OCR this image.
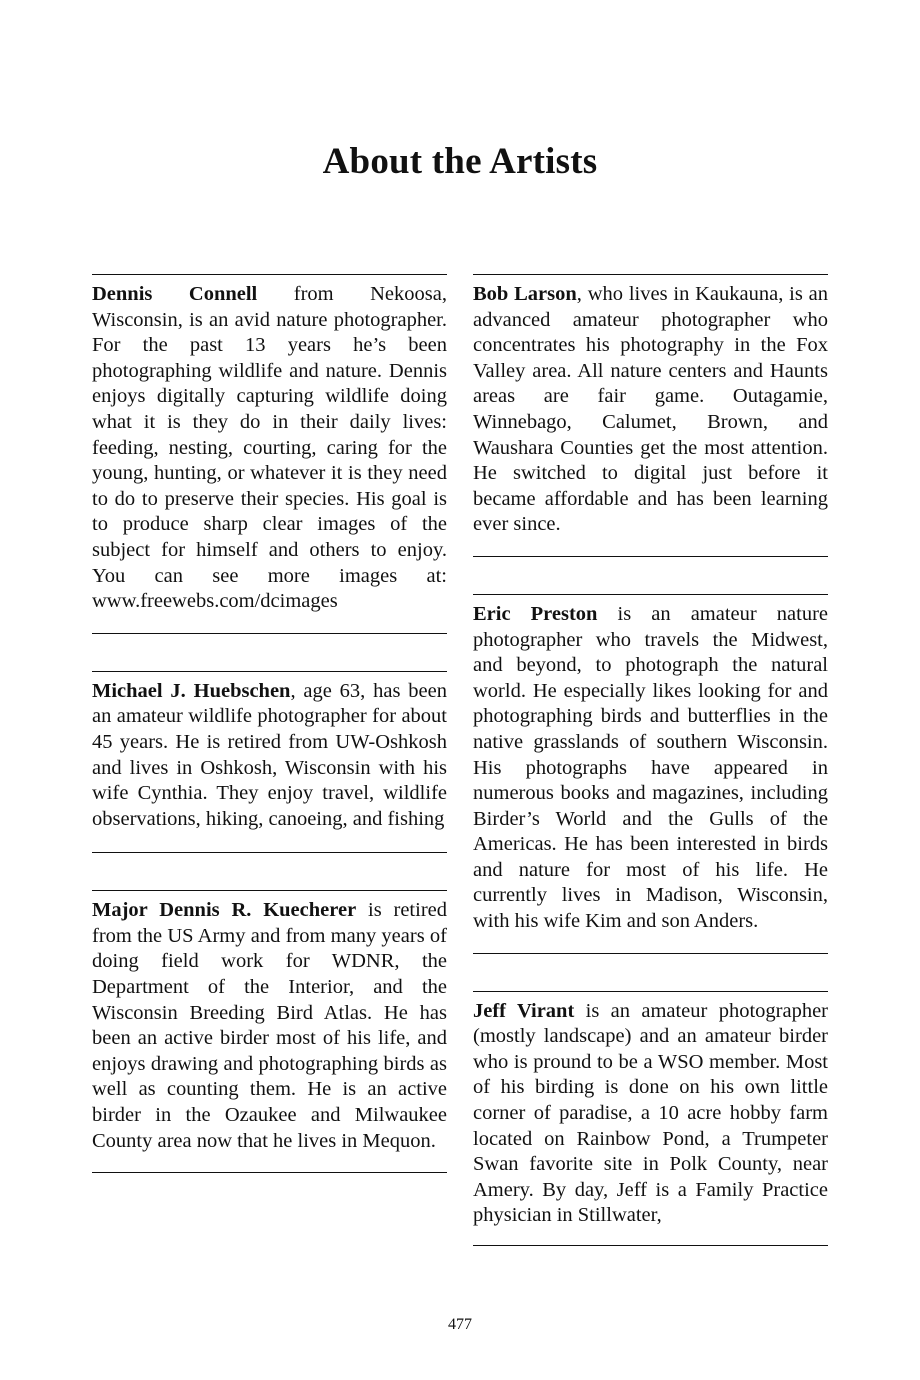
About the Artists

Dennis Connell from Nekoosa, Wisconsin, is an avid nature photographer. For the past 13 years he’s been photographing wildlife and nature. Dennis enjoys digitally capturing wildlife doing what it is they do in their daily lives: feeding, nesting, courting, caring for the young, hunting, or whatever it is they need to do to preserve their species. His goal is to produce sharp clear images of the subject for himself and others to enjoy. You can see more images at: www.freewebs.com/dcimages

Michael J. Huebschen, age 63, has been an amateur wildlife photographer for about 45 years. He is retired from UW-Oshkosh and lives in Oshkosh, Wisconsin with his wife Cynthia. They enjoy travel, wildlife observations, hiking, canoeing, and fishing

Major Dennis R. Kuecherer is retired from the US Army and from many years of doing field work for WDNR, the Department of the Interior, and the Wisconsin Breeding Bird Atlas. He has been an active birder most of his life, and enjoys drawing and photographing birds as well as counting them. He is an active birder in the Ozaukee and Milwaukee County area now that he lives in Mequon.

Bob Larson, who lives in Kaukauna, is an advanced amateur photographer who concentrates his photography in the Fox Valley area. All nature centers and Haunts areas are fair game. Outagamie, Winnebago, Calumet, Brown, and Waushara Counties get the most attention. He switched to digital just before it became affordable and has been learning ever since.

Eric Preston is an amateur nature photographer who travels the Midwest, and beyond, to photograph the natural world. He especially likes looking for and photographing birds and butterflies in the native grasslands of southern Wisconsin. His photographs have appeared in numerous books and magazines, including Birder’s World and the Gulls of the Americas. He has been interested in birds and nature for most of his life. He currently lives in Madison, Wisconsin, with his wife Kim and son Anders.

Jeff Virant is an amateur photographer (mostly landscape) and an amateur birder who is pround to be a WSO member. Most of his birding is done on his own little corner of paradise, a 10 acre hobby farm located on Rainbow Pond, a Trumpeter Swan favorite site in Polk County, near Amery. By day, Jeff is a Family Practice physician in Stillwater,

477
